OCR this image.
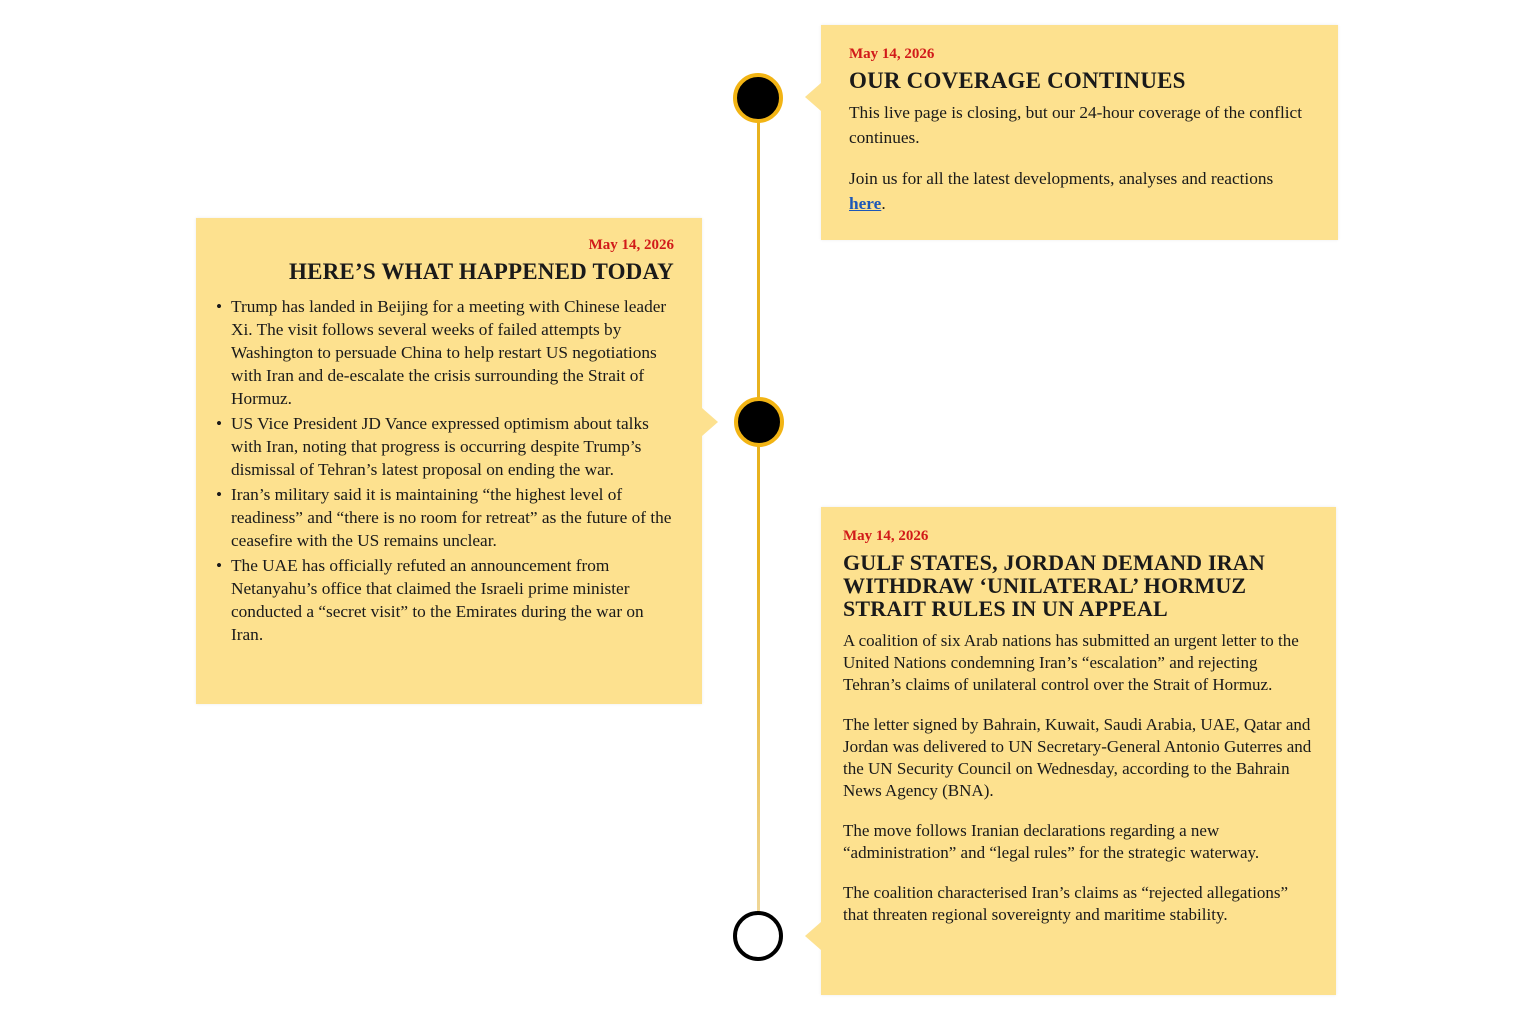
May 14, 2026
OUR COVERAGE CONTINUES

This live page is closing, but our 24-hour coverage of the conflict continues.

Join us for all the latest developments, analyses and reactions here.

May 14, 2026
HERE’S WHAT HAPPENED TODAY
• Trump has landed in Beijing for a meeting with Chinese leader Xi. The visit follows several weeks of failed attempts by Washington to persuade China to help restart US negotiations with Iran and de-escalate the crisis surrounding the Strait of Hormuz.
• US Vice President JD Vance expressed optimism about talks with Iran, noting that progress is occurring despite Trump’s dismissal of Tehran’s latest proposal on ending the war.
• Iran’s military said it is maintaining “the highest level of readiness” and “there is no room for retreat” as the future of the ceasefire with the US remains unclear.
• The UAE has officially refuted an announcement from Netanyahu’s office that claimed the Israeli prime minister conducted a “secret visit” to the Emirates during the war on Iran.
May 14, 2026
GULF STATES, JORDAN DEMAND IRAN WITHDRAW ‘UNILATERAL’ HORMUZ STRAIT RULES IN UN APPEAL

A coalition of six Arab nations has submitted an urgent letter to the United Nations condemning Iran’s “escalation” and rejecting Tehran’s claims of unilateral control over the Strait of Hormuz.

The letter signed by Bahrain, Kuwait, Saudi Arabia, UAE, Qatar and Jordan was delivered to UN Secretary-General Antonio Guterres and the UN Security Council on Wednesday, according to the Bahrain News Agency (BNA).

The move follows Iranian declarations regarding a new “administration” and “legal rules” for the strategic waterway.

The coalition characterised Iran’s claims as “rejected allegations” that threaten regional sovereignty and maritime stability.
